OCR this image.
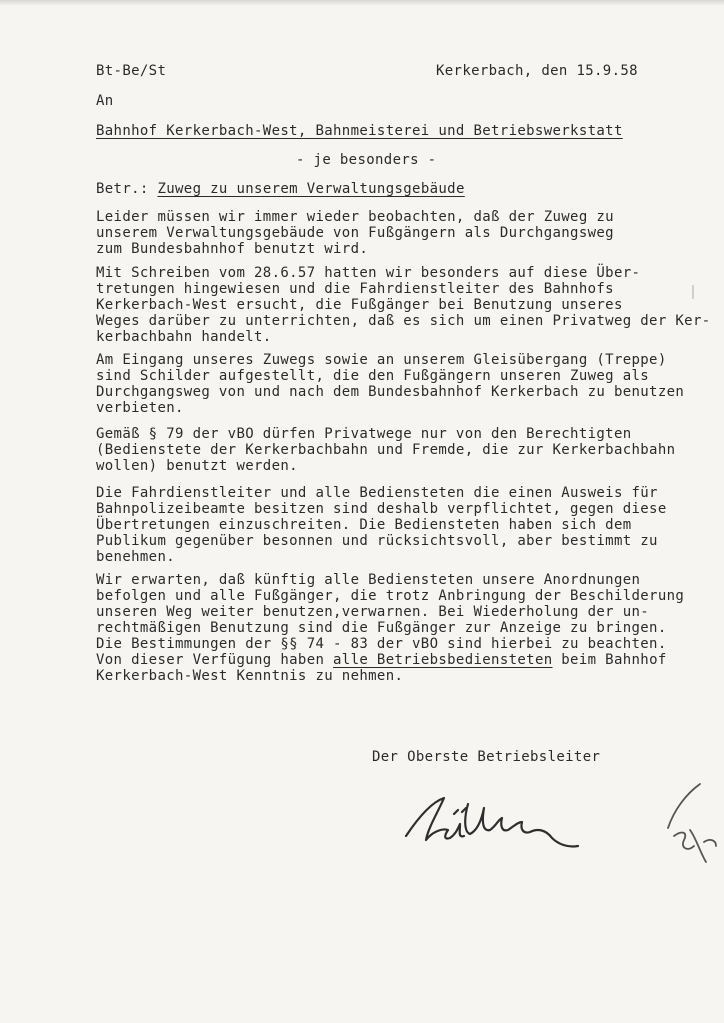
Bt-Be/St	Kerkerbach, den 15.9.58
An
Bahnhof Kerkerbach-West, Bahnmeisterei und Betriebswerkstatt
- je besonders -
Betr.: Zuweg zu unserem Verwaltungsgebäude
Leider müssen wir immer wieder beobachten, daß der Zuweg zu
unserem Verwaltungsgebäude von Fußgängern als Durchgangsweg
zum Bundesbahnhof benutzt wird.
Mit Schreiben vom 28.6.57 hatten wir besonders auf diese Über-
tretungen hingewiesen und die Fahrdienstleiter des Bahnhofs
Kerkerbach-West ersucht, die Fußgänger bei Benutzung unseres
Weges darüber zu unterrichten, daß es sich um einen Privatweg der Ker-
kerbachbahn handelt.
Am Eingang unseres Zuwegs sowie an unserem Gleisübergang (Treppe)
sind Schilder aufgestellt, die den Fußgängern unseren Zuweg als
Durchgangsweg von und nach dem Bundesbahnhof Kerkerbach zu benutzen
verbieten.
Gemäß § 79 der vBO dürfen Privatwege nur von den Berechtigten
(Bedienstete der Kerkerbachbahn und Fremde, die zur Kerkerbachbahn
wollen) benutzt werden.
Die Fahrdienstleiter und alle Bediensteten die einen Ausweis für
Bahnpolizeibeamte besitzen sind deshalb verpflichtet, gegen diese
Übertretungen einzuschreiten. Die Bediensteten haben sich dem
Publikum gegenüber besonnen und rücksichtsvoll, aber bestimmt zu
benehmen.
Wir erwarten, daß künftig alle Bediensteten unsere Anordnungen
befolgen und alle Fußgänger, die trotz Anbringung der Beschilderung
unseren Weg weiter benutzen,verwarnen. Bei Wiederholung der un-
rechtmäßigen Benutzung sind die Fußgänger zur Anzeige zu bringen.
Die Bestimmungen der §§ 74 - 83 der vBO sind hierbei zu beachten.
Von dieser Verfügung haben alle Betriebsbediensteten beim Bahnhof
Kerkerbach-West Kenntnis zu nehmen.
Der Oberste Betriebsleiter
